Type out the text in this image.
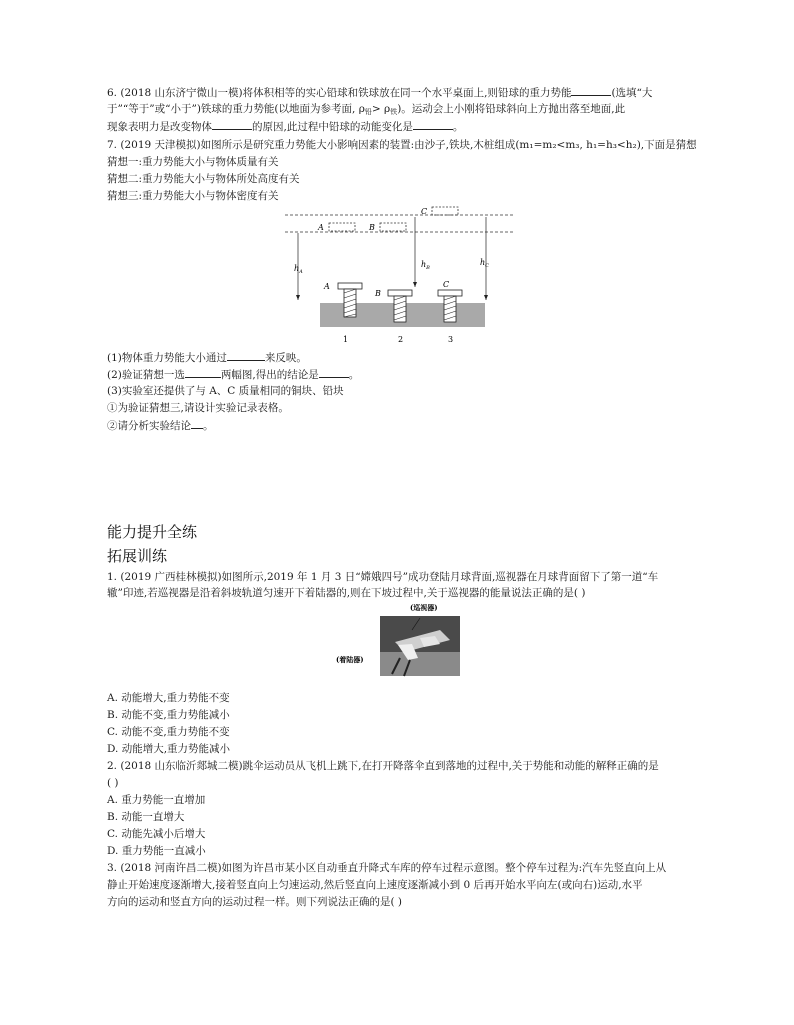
6. (2018 山东济宁微山一模)将体积相等的实心铅球和铁球放在同一个水平桌面上,则铅球的重力势能	(选填“大
于”“等于”或“小于”)铁球的重力势能(以地面为参考面, $\rho_铅> \rho_铁$)。运动会上小刚将铅球斜向上方抛出落至地面,此
现象表明力是改变物体	的原因,此过程中铅球的动能变化是	。
7. (2019 天津模拟)如图所示是研究重力势能大小影响因素的装置:由沙子,铁块,木桩组成(m₁=m₂<m₃, h₁=h₃<h₂),下面是猜想
猜想一:重力势能大小与物体质量有关
猜想二:重力势能大小与物体所处高度有关
猜想三:重力势能大小与物体密度有关
C
A	B
$h_A$
$h_B$
$h_C$
A
B
C
1	2	3
(1)物体重力势能大小通过	来反映。
(2)验证猜想一选	两幅图,得出的结论是	。
(3)实验室还提供了与 A、C 质量相同的铜块、铅块
①为验证猜想三,请设计实验记录表格。
②请分析实验结论 。
能力提升全练
拓展训练
1. (2019 广西桂林模拟)如图所示,2019 年 1 月 3 日“嫦娥四号”成功登陆月球背面,巡视器在月球背面留下了第一道“车
辙”印迹,若巡视器是沿着斜坡轨道匀速开下着陆器的,则在下坡过程中,关于巡视器的能量说法正确的是( )
(巡视器)
(着陆器)
A. 动能增大,重力势能不变
B. 动能不变,重力势能减小
C. 动能不变,重力势能不变
D. 动能增大,重力势能减小
2. (2018 山东临沂郯城二模)跳伞运动员从飞机上跳下,在打开降落伞直到落地的过程中,关于势能和动能的解释正确的是
( )
A. 重力势能一直增加
B. 动能一直增大
C. 动能先减小后增大
D. 重力势能一直减小
3. (2018 河南许昌二模)如图为许昌市某小区自动垂直升降式车库的停车过程示意图。整个停车过程为:汽车先竖直向上从
静止开始速度逐渐增大,接着竖直向上匀速运动,然后竖直向上速度逐渐减小到 0 后再开始水平向左(或向右)运动,水平
方向的运动和竖直方向的运动过程一样。则下列说法正确的是( )
